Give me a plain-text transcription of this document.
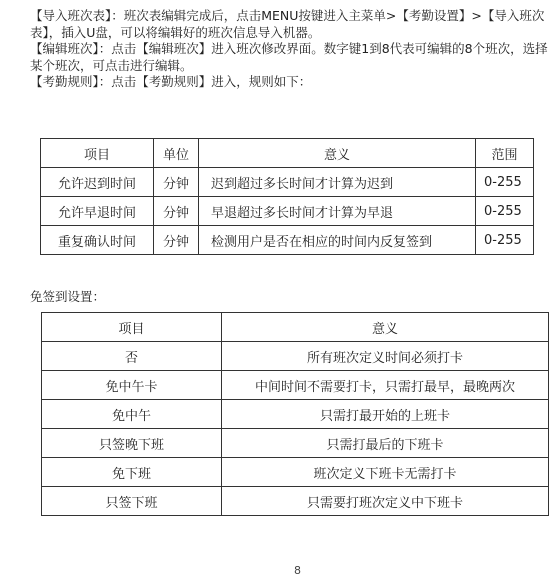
【导入班次表】：班次表编辑完成后，点击MENU按键进入主菜单>【考勤设置】>【导入班次表】，插入U盘，可以将编辑好的班次信息导入机器。

【编辑班次】：点击【编辑班次】进入班次修改界面。数字键1到8代表可编辑的8个班次，选择某个班次，可点击进行编辑。

【考勤规则】：点击【考勤规则】进入，规则如下：

项目	单位	意义	范围
允许迟到时间	分钟	迟到超过多长时间才计算为迟到	0-255
允许早退时间	分钟	早退超过多长时间才计算为早退	0-255
重复确认时间	分钟	检测用户是否在相应的时间内反复签到	0-255
免签到设置：
项目	意义
否	所有班次定义时间必须打卡
免中午卡	中间时间不需要打卡，只需打最早，最晚两次
免中午	只需打最开始的上班卡
只签晚下班	只需打最后的下班卡
免下班	班次定义下班卡无需打卡
只签下班	只需要打班次定义中下班卡
8
